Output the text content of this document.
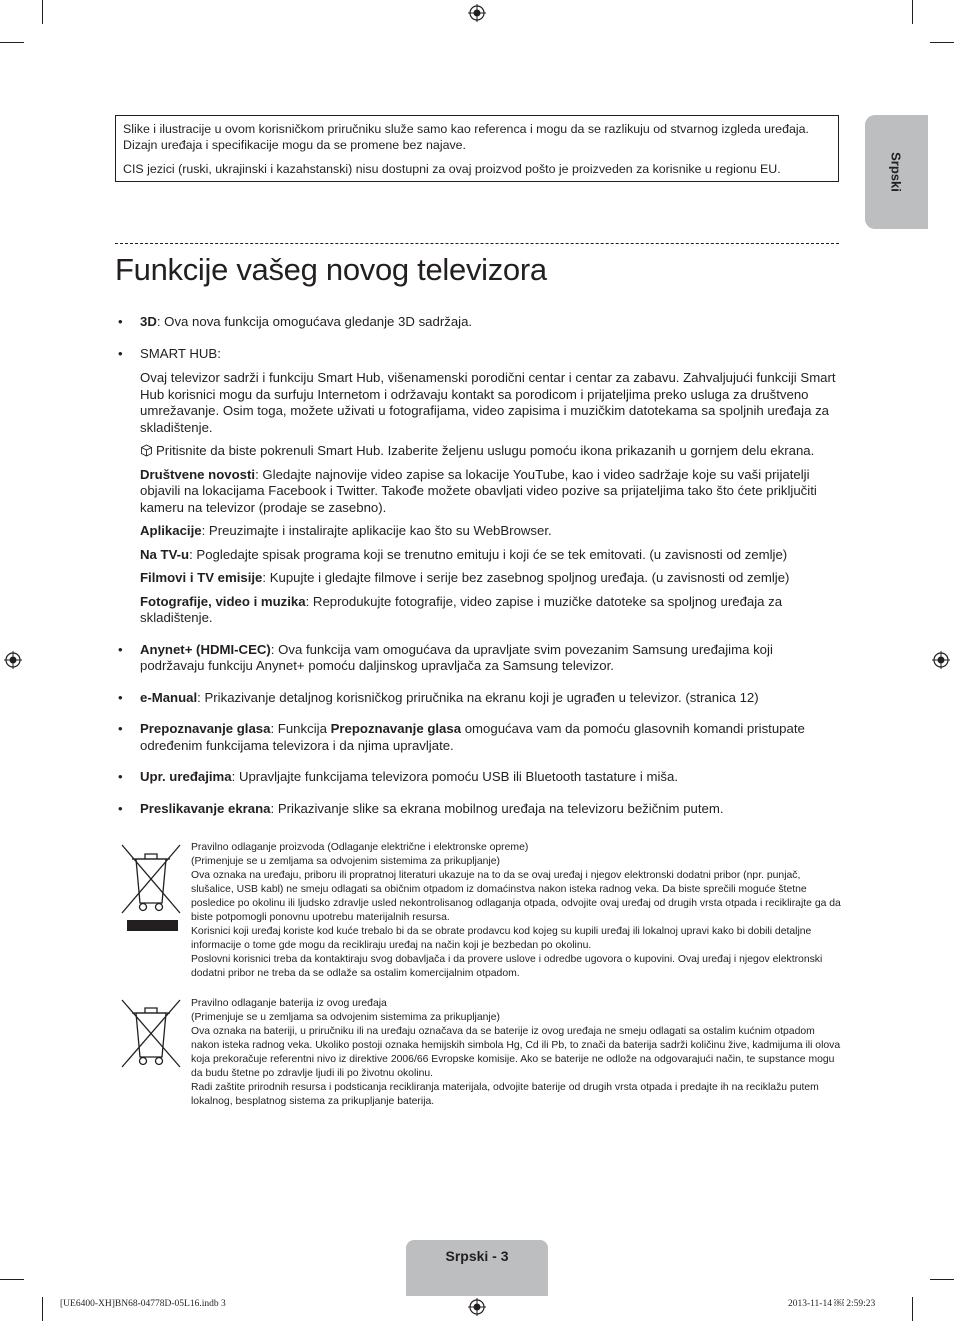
Slike i ilustracije u ovom korisničkom priručniku služe samo kao referenca i mogu da se razlikuju od stvarnog izgleda uređaja. Dizajn uređaja i specifikacije mogu da se promene bez najave.

CIS jezici (ruski, ukrajinski i kazahstanski) nisu dostupni za ovaj proizvod pošto je proizveden za korisnike u regionu EU.	Srpski
Funkcije vašeg novog televizora
• 3D: Ova nova funkcija omogućava gledanje 3D sadržaja.

• SMART HUB:

Ovaj televizor sadrži i funkciju Smart Hub, višenamenski porodični centar i centar za zabavu. Zahvaljujući funkciji Smart Hub korisnici mogu da surfuju Internetom i održavaju kontakt sa porodicom i prijateljima preko usluga za društveno umrežavanje. Osim toga, možete uživati u fotografijama, video zapisima i muzičkim datotekama sa spoljnih uređaja za skladištenje.

Pritisnite da biste pokrenuli Smart Hub. Izaberite željenu uslugu pomoću ikona prikazanih u gornjem delu ekrana.

Društvene novosti: Gledajte najnovije video zapise sa lokacije YouTube, kao i video sadržaje koje su vaši prijatelji objavili na lokacijama Facebook i Twitter. Takođe možete obavljati video pozive sa prijateljima tako što ćete priključiti kameru na televizor (prodaje se zasebno).

Aplikacije: Preuzimajte i instalirajte aplikacije kao što su WebBrowser.

Na TV-u: Pogledajte spisak programa koji se trenutno emituju i koji će se tek emitovati. (u zavisnosti od zemlje)

Filmovi i TV emisije: Kupujte i gledajte filmove i serije bez zasebnog spoljnog uređaja. (u zavisnosti od zemlje)

Fotografije, video i muzika: Reprodukujte fotografije, video zapise i muzičke datoteke sa spoljnog uređaja za skladištenje.

• Anynet+ (HDMI-CEC): Ova funkcija vam omogućava da upravljate svim povezanim Samsung uređajima koji podržavaju funkciju Anynet+ pomoću daljinskog upravljača za Samsung televizor.

• e-Manual: Prikazivanje detaljnog korisničkog priručnika na ekranu koji je ugrađen u televizor. (stranica 12)

• Prepoznavanje glasa: Funkcija Prepoznavanje glasa omogućava vam da pomoću glasovnih komandi pristupate određenim funkcijama televizora i da njima upravljate.

• Upr. uređajima: Upravljajte funkcijama televizora pomoću USB ili Bluetooth tastature i miša.

• Preslikavanje ekrana: Prikazivanje slike sa ekrana mobilnog uređaja na televizoru bežičnim putem.

Pravilno odlaganje proizvoda (Odlaganje električne i elektronske opreme)

(Primenjuje se u zemljama sa odvojenim sistemima za prikupljanje)

Ova oznaka na uređaju, priboru ili propratnoj literaturi ukazuje na to da se ovaj uređaj i njegov elektronski dodatni pribor (npr. punjač, slušalice, USB kabl) ne smeju odlagati sa običnim otpadom iz domaćinstva nakon isteka radnog veka. Da biste sprečili moguće štetne posledice po okolinu ili ljudsko zdravlje usled nekontrolisanog odlaganja otpada, odvojite ovaj uređaj od drugih vrsta otpada i reciklirajte ga da biste potpomogli ponovnu upotrebu materijalnih resursa.

Korisnici koji uređaj koriste kod kuće trebalo bi da se obrate prodavcu kod kojeg su kupili uređaj ili lokalnoj upravi kako bi dobili detaljne informacije o tome gde mogu da recikliraju uređaj na način koji je bezbedan po okolinu.

Poslovni korisnici treba da kontaktiraju svog dobavljača i da provere uslove i odredbe ugovora o kupovini. Ovaj uređaj i njegov elektronski dodatni pribor ne treba da se odlaže sa ostalim komercijalnim otpadom.

Pravilno odlaganje baterija iz ovog uređaja

(Primenjuje se u zemljama sa odvojenim sistemima za prikupljanje)

Ova oznaka na bateriji, u priručniku ili na uređaju označava da se baterije iz ovog uređaja ne smeju odlagati sa ostalim kućnim otpadom nakon isteka radnog veka. Ukoliko postoji oznaka hemijskih simbola Hg, Cd ili Pb, to znači da baterija sadrži količinu žive, kadmijuma ili olova koja prekoračuje referentni nivo iz direktive 2006/66 Evropske komisije. Ako se baterije ne odlože na odgovarajući način, te supstance mogu da budu štetne po zdravlje ljudi ili po životnu okolinu.

Radi zaštite prirodnih resursa i podsticanja recikliranja materijala, odvojite baterije od drugih vrsta otpada i predajte ih na reciklažu putem lokalnog, besplatnog sistema za prikupljanje baterija.

Srpski - 3
[UE6400-XH]BN68-04778D-05L16.indb 3	2013-11-14 ￼ 2:59:23
